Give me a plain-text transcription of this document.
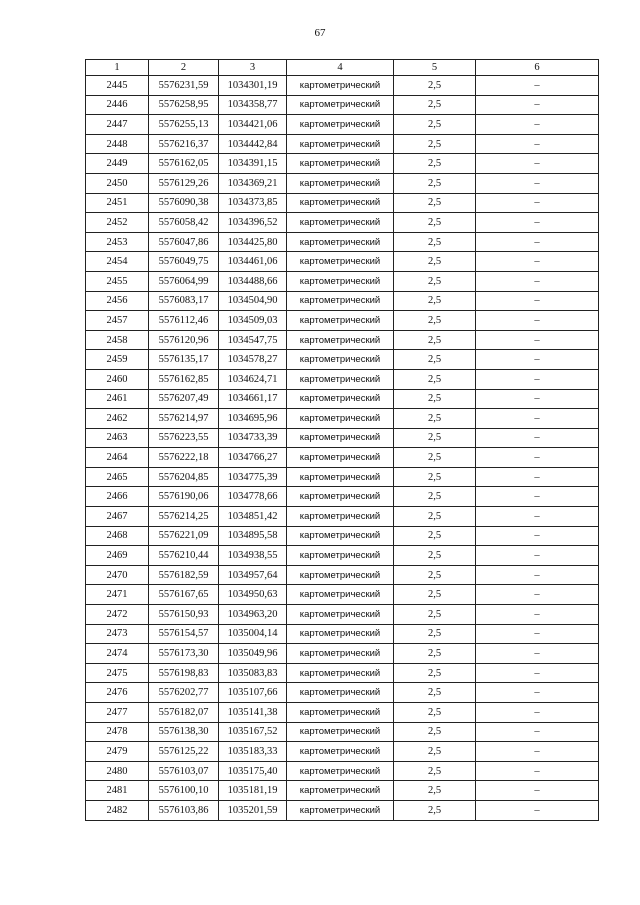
67
1	2	3	4	5	6
2445	5576231,59	1034301,19	картометрический	2,5	–
2446	5576258,95	1034358,77	картометрический	2,5	–
2447	5576255,13	1034421,06	картометрический	2,5	–
2448	5576216,37	1034442,84	картометрический	2,5	–
2449	5576162,05	1034391,15	картометрический	2,5	–
2450	5576129,26	1034369,21	картометрический	2,5	–
2451	5576090,38	1034373,85	картометрический	2,5	–
2452	5576058,42	1034396,52	картометрический	2,5	–
2453	5576047,86	1034425,80	картометрический	2,5	–
2454	5576049,75	1034461,06	картометрический	2,5	–
2455	5576064,99	1034488,66	картометрический	2,5	–
2456	5576083,17	1034504,90	картометрический	2,5	–
2457	5576112,46	1034509,03	картометрический	2,5	–
2458	5576120,96	1034547,75	картометрический	2,5	–
2459	5576135,17	1034578,27	картометрический	2,5	–
2460	5576162,85	1034624,71	картометрический	2,5	–
2461	5576207,49	1034661,17	картометрический	2,5	–
2462	5576214,97	1034695,96	картометрический	2,5	–
2463	5576223,55	1034733,39	картометрический	2,5	–
2464	5576222,18	1034766,27	картометрический	2,5	–
2465	5576204,85	1034775,39	картометрический	2,5	–
2466	5576190,06	1034778,66	картометрический	2,5	–
2467	5576214,25	1034851,42	картометрический	2,5	–
2468	5576221,09	1034895,58	картометрический	2,5	–
2469	5576210,44	1034938,55	картометрический	2,5	–
2470	5576182,59	1034957,64	картометрический	2,5	–
2471	5576167,65	1034950,63	картометрический	2,5	–
2472	5576150,93	1034963,20	картометрический	2,5	–
2473	5576154,57	1035004,14	картометрический	2,5	–
2474	5576173,30	1035049,96	картометрический	2,5	–
2475	5576198,83	1035083,83	картометрический	2,5	–
2476	5576202,77	1035107,66	картометрический	2,5	–
2477	5576182,07	1035141,38	картометрический	2,5	–
2478	5576138,30	1035167,52	картометрический	2,5	–
2479	5576125,22	1035183,33	картометрический	2,5	–
2480	5576103,07	1035175,40	картометрический	2,5	–
2481	5576100,10	1035181,19	картометрический	2,5	–
2482	5576103,86	1035201,59	картометрический	2,5	–
